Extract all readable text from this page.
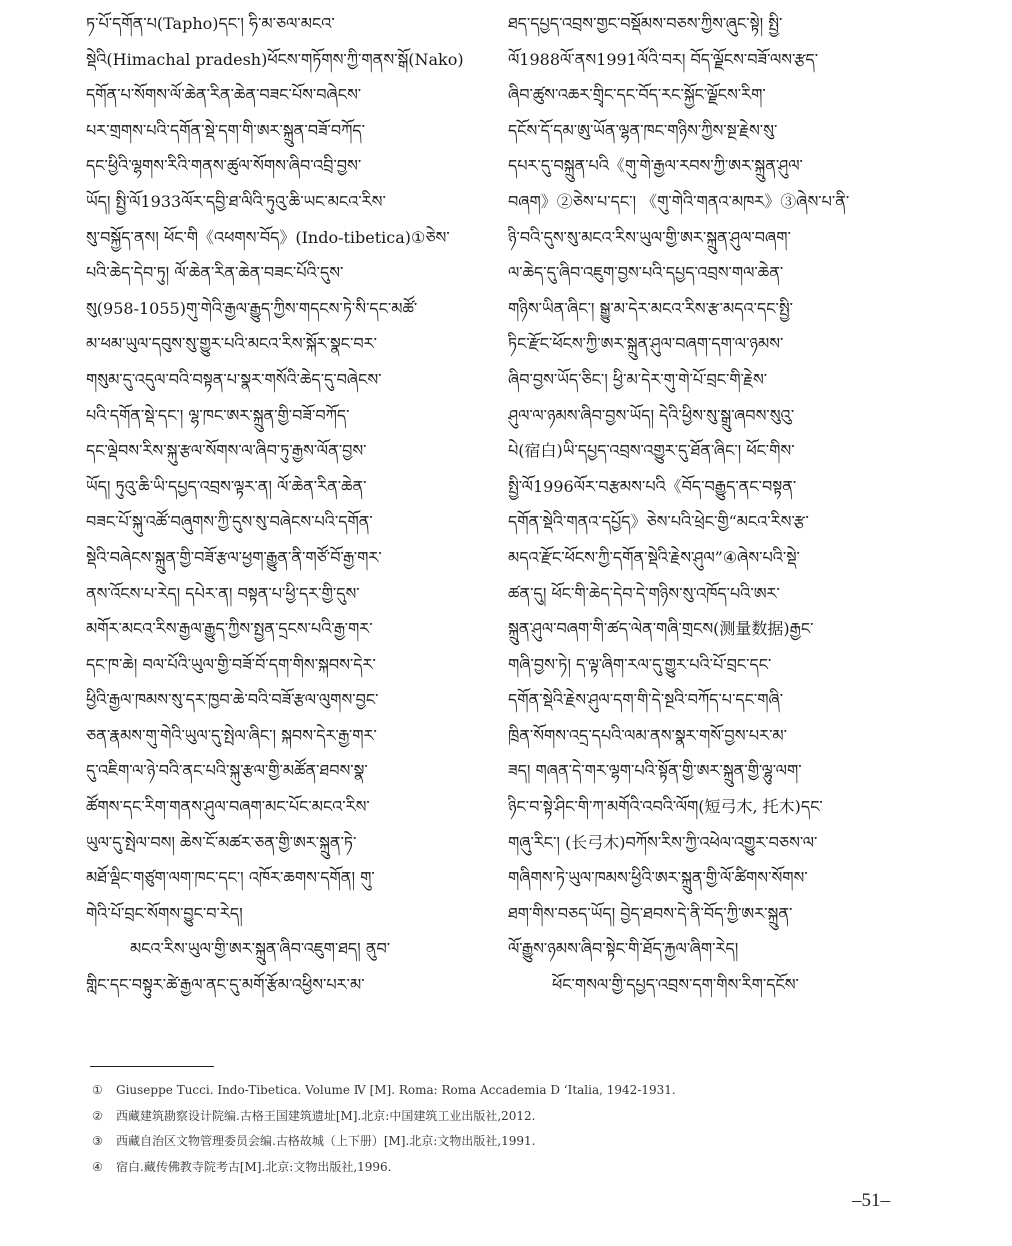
ཏ་པོ་དགོན་པ(Tapho)དང་། ཧི་མ་ཅལ་མངའ་
སྡེའི(Himachal pradesh)ཕོངས་གཏོགས་ཀྱི་གནས་སྒོ(Nako)
དགོན་པ་སོགས་ལོ་ཆེན་རིན་ཆེན་བཟང་པོས་བཞེངས་
པར་གྲགས་པའི་དགོན་སྡེ་དག་གི་ཨར་སྐྲུན་བཟོ་བཀོད་
དང་ཕྱིའི་ལྷགས་རིའི་གནས་ཚུལ་སོགས་ཞིབ་འབྲི་བྱས་
ཡོད། སྤྱི་ལོ1933ལོར་དབྱི་ཐ་ལིའི་ཏུའུ་ཆི་ཡང་མངའ་རིས་
སུ་བསྐྱོད་ནས། ཕོང་གི《འཕགས་བོད》(Indo-tibetica)①ཅེས་
པའི་ཆེད་དེབ་ཏུ། ལོ་ཆེན་རིན་ཆེན་བཟང་པོའི་དུས་
སུ(958-1055)གུ་གེའི་རྒྱལ་རྒྱུད་ཀྱིས་གདངས་ཏེ་སི་དང་མཚོ་
མ་ཕམ་ཡུལ་དབུས་སུ་གྱུར་པའི་མངའ་རིས་སྐོར་སྣང་བར་
གསུམ་དུ་འདུལ་བའི་བསྟན་པ་སྣར་གསོའི་ཆེད་དུ་བཞེངས་
པའི་དགོན་སྡེ་དང་། ལྷ་ཁང་ཨར་སྐྲུན་གྱི་བཟོ་བཀོད་
དང་ལྡེབས་རིས་སྐུ་རྩལ་སོགས་ལ་ཞིབ་ཏུ་རྒྱས་ལོན་བྱས་
ཡོད། ཏུའུ་ཆི་ཡི་དཔྱད་འབྲས་ལྟར་ན། ལོ་ཆེན་རིན་ཆེན་
བཟང་པོ་སྐུ་འཚོ་བཞུགས་ཀྱི་དུས་སུ་བཞེངས་པའི་དགོན་
སྡེའི་བཞེངས་སྐྲུན་གྱི་བཟོ་རྩལ་ཕྱག་རྒྱུན་ནི་གཙོ་བོ་རྒྱ་གར་
ནས་འོངས་པ་རེད། དཔེར་ན། བསྟན་པ་ཕྱི་དར་གྱི་དུས་
མགོར་མངའ་རིས་རྒྱལ་རྒྱུད་ཀྱིས་སྤྱན་དྲངས་པའི་རྒྱ་གར་
དང་ཁ་ཆེ། བལ་པོའི་ཡུལ་གྱི་བཟོ་བོ་དག་གིས་སྐབས་དེར་
ཕྱིའི་རྒྱལ་ཁམས་སུ་དར་ཁྱབ་ཆེ་བའི་བཟོ་རྩལ་ལུགས་བྱང་
ཅན་རྣམས་གུ་གེའི་ཡུལ་དུ་སྤེལ་ཞིང་། སྐབས་དེར་རྒྱ་གར་
དུ་འཇིག་ལ་ཉེ་བའི་ནང་པའི་སྐུ་རྩལ་གྱི་མཚོན་ཐབས་སྣ་
ཚོགས་དང་རིག་གནས་ཤུལ་བཞག་མང་པོང་མངའ་རིས་
ཡུལ་དུ་སྤེལ་བས། ཆེས་ངོ་མཚར་ཅན་གྱི་ཨར་སྐྲུན་ཏེ་
མཐོ་ལྡིང་གཙུག་ལག་ཁང་དང་། འཁོར་ཆགས་དགོན། གུ་
གེའི་པོ་བྲང་སོགས་བྱུང་བ་རེད།
མངའ་རིས་ཡུལ་གྱི་ཨར་སྐྲུན་ཞིབ་འཇུག་ཐད། ནུབ་
གླིང་དང་བསྟུར་ཚེ་རྒྱལ་ནང་དུ་མགོ་རྩོམ་འཕྱིས་པར་མ་
ཐད་དཔྱད་འབྲས་གྱང་བསྡོམས་བཅས་ཀྱིས་ཞུང་སྟེ། སྤྱི་
ལོ1988ལོ་ནས1991ལོའི་བར། བོད་ལྗོངས་བཟོ་ལས་རྩད་
ཞིབ་ཚུས་འཆར་གྲྭིང་དང་བོད་རང་སྐྱོང་ལྗོངས་རིག་
དངོས་དོ་དམ་ཨུ་ཡོན་ལྷན་ཁང་གཉིས་ཀྱིས་སྔ་རྗེས་སུ་
དཔར་དུ་བསྐྲུན་པའི《གུ་གེ་རྒྱལ་རབས་ཀྱི་ཨར་སྐྲུན་ཤུལ་
བཞག》②ཅེས་པ་དང་། 《གུ་གེའི་གནའ་མཁར》③ཞེས་པ་ནི་
ཉི་བའི་དུས་སུ་མངའ་རིས་ཡུལ་གྱི་ཨར་སྐྲུན་ཤུལ་བཞག་
ལ་ཆེད་དུ་ཞིབ་འཇུག་བྱས་པའི་དཔྱད་འབྲས་གལ་ཆེན་
གཉིས་ཡིན་ཞིང་། སྒྱུ་མ་དེར་མངའ་རིས་རྩ་མདའ་དང་སྤྱི་
ཏིང་རྫོང་ཕོངས་ཀྱི་ཨར་སྐྲུན་ཤུལ་བཞག་དག་ལ་ཉམས་
ཞིབ་བྱས་ཡོད་ཅིང་། ཕྱི་མ་དེར་གུ་གེ་པོ་བྲང་གི་རྗེས་
ཤུལ་ལ་ཉམས་ཞིབ་བྱས་ཡོད། དེའི་ཕྱིས་སུ་སྒྲུ་ཞབས་སུའུ་
པེ(宿白)ཡི་དཔྱད་འབྲས་འགྱུར་དུ་ཐོན་ཞིང་། ཕོང་གིས་
སྤྱི་ལོ1996ལོར་བརྩམས་པའི《བོད་བརྒྱུད་ནང་བསྟན་
དགོན་སྡེའི་གནའ་དཔྱོད》ཅེས་པའི་ཕྲེང་གྱི“མངའ་རིས་རྩ་
མདའ་རྫོང་ཕོངས་ཀྱི་དགོན་སྡེའི་རྗེས་ཤུལ”④ཞེས་པའི་སྡེ་
ཚན་དུ། ཕོང་གི་ཆེད་དེབ་དེ་གཉིས་སུ་འཁོད་པའི་ཨར་
སྐྲུན་ཤུལ་བཞག་གི་ཚད་ལེན་གཞི་གྲངས(测量数据)རྒྱང་
གཞི་བྱས་ཏེ། ད་ལྟ་ཞིག་རལ་དུ་གྱུར་པའི་པོ་བྲང་དང་
དགོན་སྡེའི་རྗེས་ཤུལ་དག་གི་དེ་སྔའི་བཀོད་པ་དང་གཞི་
ཁྲིན་སོགས་འདྲ་དཔའི་ལམ་ནས་སྣར་གསོ་བྱས་པར་མ་
ཟད། གཞན་དེ་གར་ལྷག་པའི་སྟོན་གྱི་ཨར་སྐྲུན་གྱི་ལྷུ་ལག་
ཉིང་བ་སྟེ་ཤིང་གི་ཀ་མགོའི་འབའི་ལོག(短弓木, 托木)དང་
གཞུ་རིང་། (长弓木)བཀོས་རིས་ཀྱི་འཕེལ་འགྱུར་བཅས་ལ་
གཞིགས་ཏེ་ཡུལ་ཁམས་ཕྱིའི་ཨར་སྐྲུན་གྱི་ལོ་ཚིགས་སོགས་
ཐག་གིས་བཅད་ཡོད། བྱེད་ཐབས་དེ་ནི་བོད་ཀྱི་ཨར་སྐྲུན་
ལོ་རྒྱུས་ཉམས་ཞིབ་སྟེང་གི་ཐོད་རྐྱལ་ཞིག་རེད།
ཕོང་གསལ་གྱི་དཔྱད་འབྲས་དག་གིས་རིག་དངོས་
① Giuseppe Tucci. Indo-Tibetica. Volume Ⅳ [M]. Roma: Roma Accademia D ‘Italia, 1942-1931.
② 西藏建筑勘察设计院编.古格王国建筑遗址[M].北京:中国建筑工业出版社,2012.
③ 西藏自治区文物管理委员会编.古格故城（上下册）[M].北京:文物出版社,1991.
④ 宿白.藏传佛教寺院考古[M].北京:文物出版社,1996.
–51–
